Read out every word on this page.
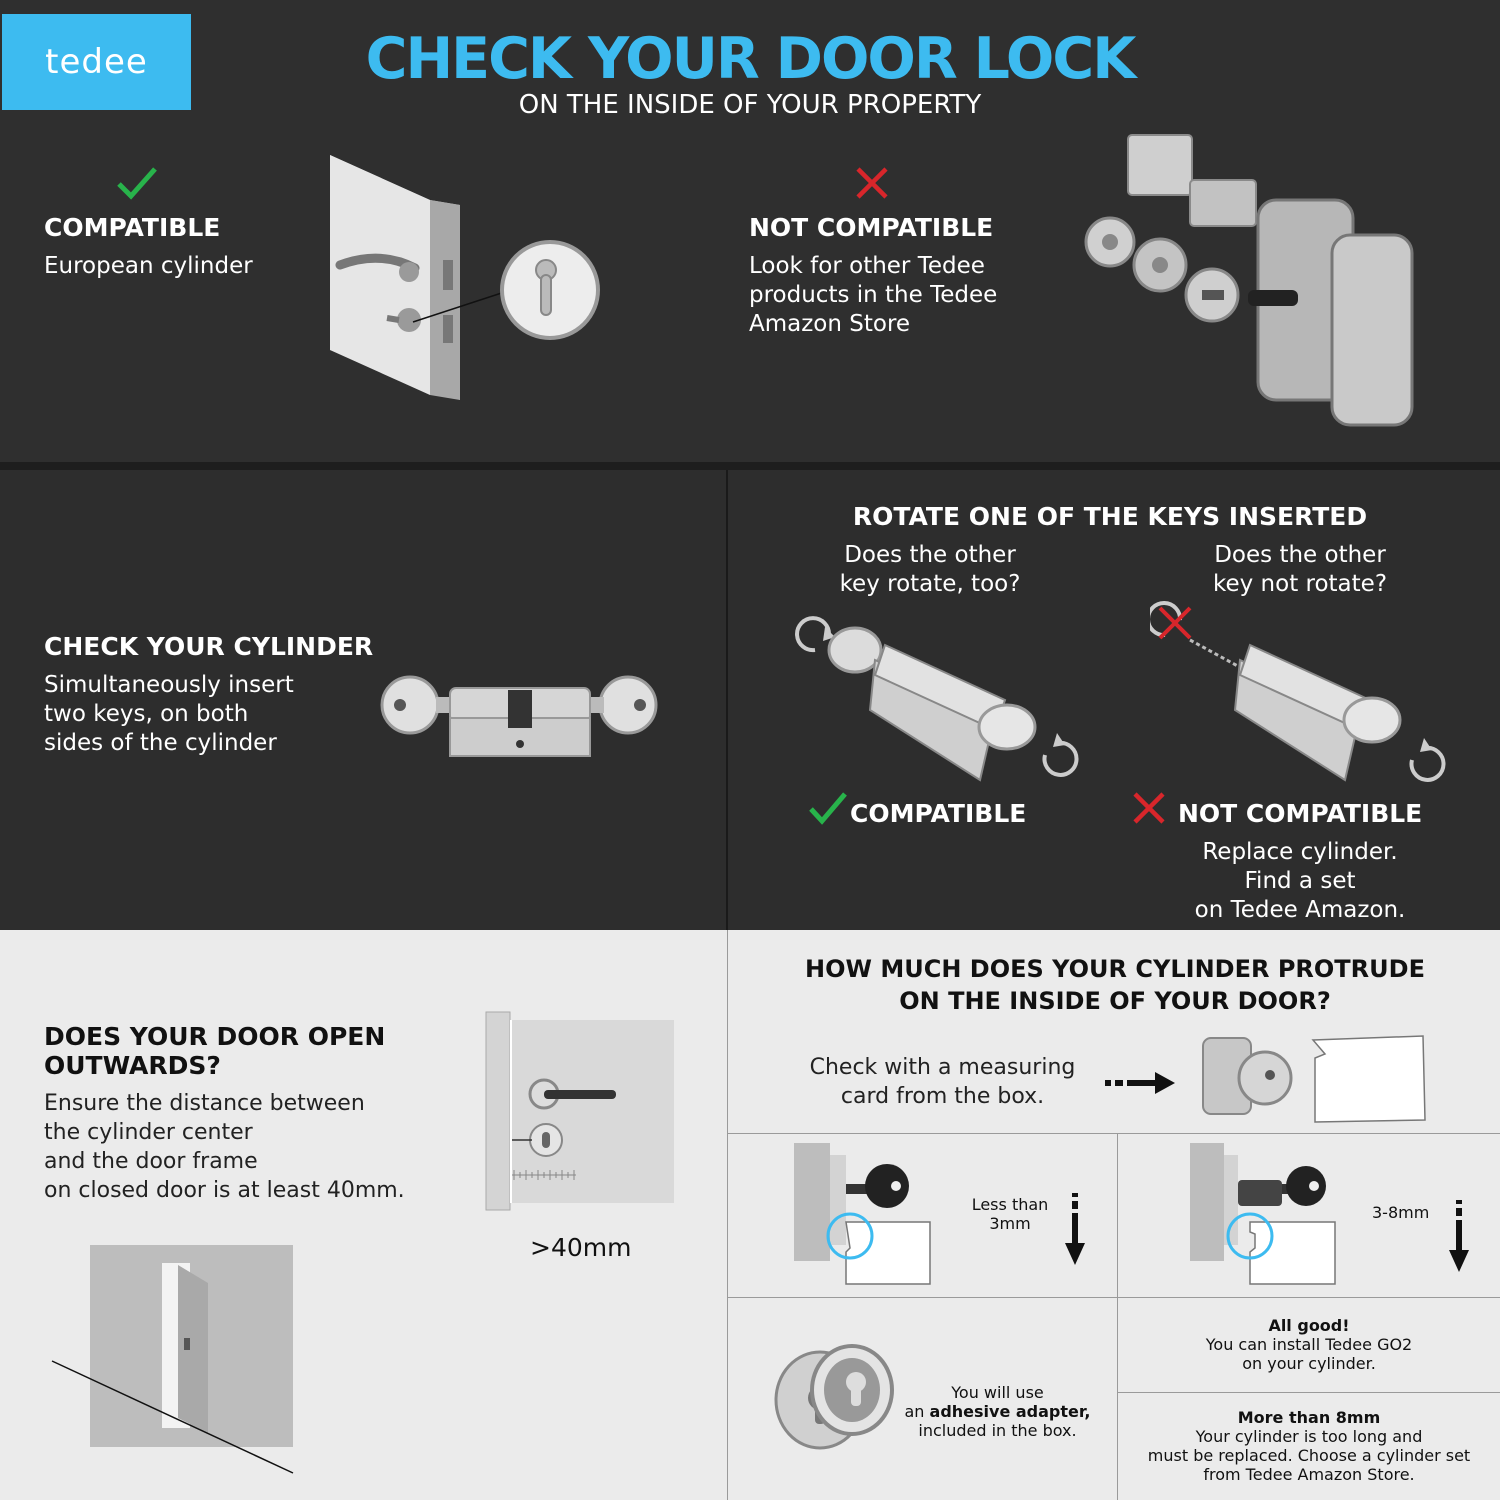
tedee	CHECK YOUR DOOR LOCK
ON THE INSIDE OF YOUR PROPERTY
COMPATIBLE
European cylinder
NOT COMPATIBLE
Look for other Tedee
products in the Tedee
Amazon Store
CHECK YOUR CYLINDER
Simultaneously insert
two keys, on both
sides of the cylinder
ROTATE ONE OF THE KEYS INSERTED
Does the other
key rotate, too?
Does the other
key not rotate?
COMPATIBLE	NOT COMPATIBLE
Replace cylinder.
Find a set
on Tedee Amazon.
DOES YOUR DOOR OPEN
OUTWARDS?
Ensure the distance between
the cylinder center
and the door frame
on closed door is at least 40mm.
>40mm
HOW MUCH DOES YOUR CYLINDER PROTRUDE
ON THE INSIDE OF YOUR DOOR?
Check with a measuring
card from the box.
Less than
3mm
3-8mm
You will use
an adhesive adapter,
included in the box.
All good!
You can install Tedee GO2
on your cylinder.
More than 8mm
Your cylinder is too long and
must be replaced. Choose a cylinder set
from Tedee Amazon Store.
